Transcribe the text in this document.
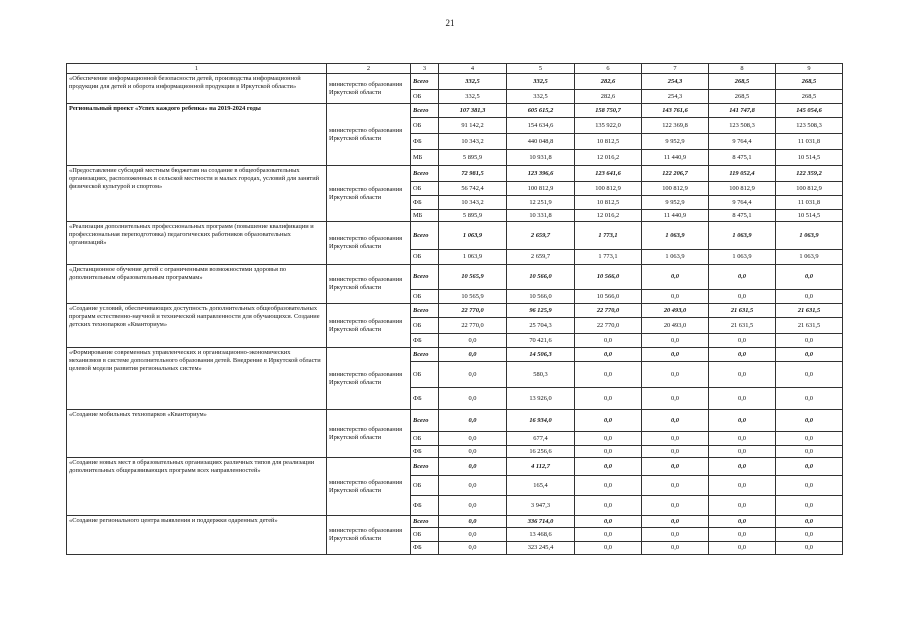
21
1	2	3	4	5	6	7	8	9
«Обеспечение информационной безопасности детей, производства информационной продукции для детей и оборота информационной продукции в Иркутской области»	министерство образования Иркутской области	Всего	332,5	332,5	282,6	254,3	268,5	268,5
		ОБ	332,5	332,5	282,6	254,3	268,5	268,5
Региональный проект «Успех каждого ребенка» на 2019-2024 годы	министерство образования Иркутской области	Всего	107 381,3	605 615,2	158 750,7	143 761,6	141 747,8	145 054,6
		ОБ	91 142,2	154 634,6	135 922,0	122 369,8	123 508,3	123 508,3
		ФБ	10 343,2	440 048,8	10 812,5	9 952,9	9 764,4	11 031,8
		МБ	5 895,9	10 931,8	12 016,2	11 440,9	8 475,1	10 514,5
«Предоставление субсидий местным бюджетам на создание в общеобразовательных организациях, расположенных в сельской местности и малых городах, условий для занятий физической культурой и спортом»	министерство образования Иркутской области	Всего	72 981,5	123 396,6	123 641,6	122 206,7	119 052,4	122 359,2
		ОБ	56 742,4	100 812,9	100 812,9	100 812,9	100 812,9	100 812,9
		ФБ	10 343,2	12 251,9	10 812,5	9 952,9	9 764,4	11 031,8
		МБ	5 895,9	10 331,8	12 016,2	11 440,9	8 475,1	10 514,5
«Реализация дополнительных профессиональных программ (повышение квалификации и профессиональная переподготовка) педагогических работников образовательных организаций»	министерство образования Иркутской области	Всего	1 063,9	2 659,7	1 773,1	1 063,9	1 063,9	1 063,9
		ОБ	1 063,9	2 659,7	1 773,1	1 063,9	1 063,9	1 063,9
«Дистанционное обучение детей с ограниченными возможностями здоровья по дополнительным образовательным программам»	министерство образования Иркутской области	Всего	10 565,9	10 566,0	10 566,0	0,0	0,0	0,0
		ОБ	10 565,9	10 566,0	10 566,0	0,0	0,0	0,0
«Создание условий, обеспечивающих доступность дополнительных общеобразовательных программ естественно-научной и технической направленности для обучающихся. Создание детских технопарков «Кванториум»	министерство образования Иркутской области	Всего	22 770,0	96 125,9	22 770,0	20 493,0	21 631,5	21 631,5
		ОБ	22 770,0	25 704,3	22 770,0	20 493,0	21 631,5	21 631,5
		ФБ	0,0	70 421,6	0,0	0,0	0,0	0,0
«Формирование современных управленческих и организационно-экономических механизмов в системе дополнительного образования детей. Внедрение в Иркутской области целевой модели развития региональных систем»	министерство образования Иркутской области	Всего	0,0	14 506,3	0,0	0,0	0,0	0,0
		ОБ	0,0	580,3	0,0	0,0	0,0	0,0
		ФБ	0,0	13 926,0	0,0	0,0	0,0	0,0
«Создание мобильных технопарков «Кванториум»	министерство образования Иркутской области	Всего	0,0	16 934,0	0,0	0,0	0,0	0,0
		ОБ	0,0	677,4	0,0	0,0	0,0	0,0
		ФБ	0,0	16 256,6	0,0	0,0	0,0	0,0
«Создание новых мест в образовательных организациях различных типов для реализации дополнительных общеразвивающих программ всех направленностей»	министерство образования Иркутской области	Всего	0,0	4 112,7	0,0	0,0	0,0	0,0
		ОБ	0,0	165,4	0,0	0,0	0,0	0,0
		ФБ	0,0	3 947,3	0,0	0,0	0,0	0,0
«Создание регионального центра выявления и поддержки одаренных детей»	министерство образования Иркутской области	Всего	0,0	336 714,0	0,0	0,0	0,0	0,0
		ОБ	0,0	13 468,6	0,0	0,0	0,0	0,0
		ФБ	0,0	323 245,4	0,0	0,0	0,0	0,0
